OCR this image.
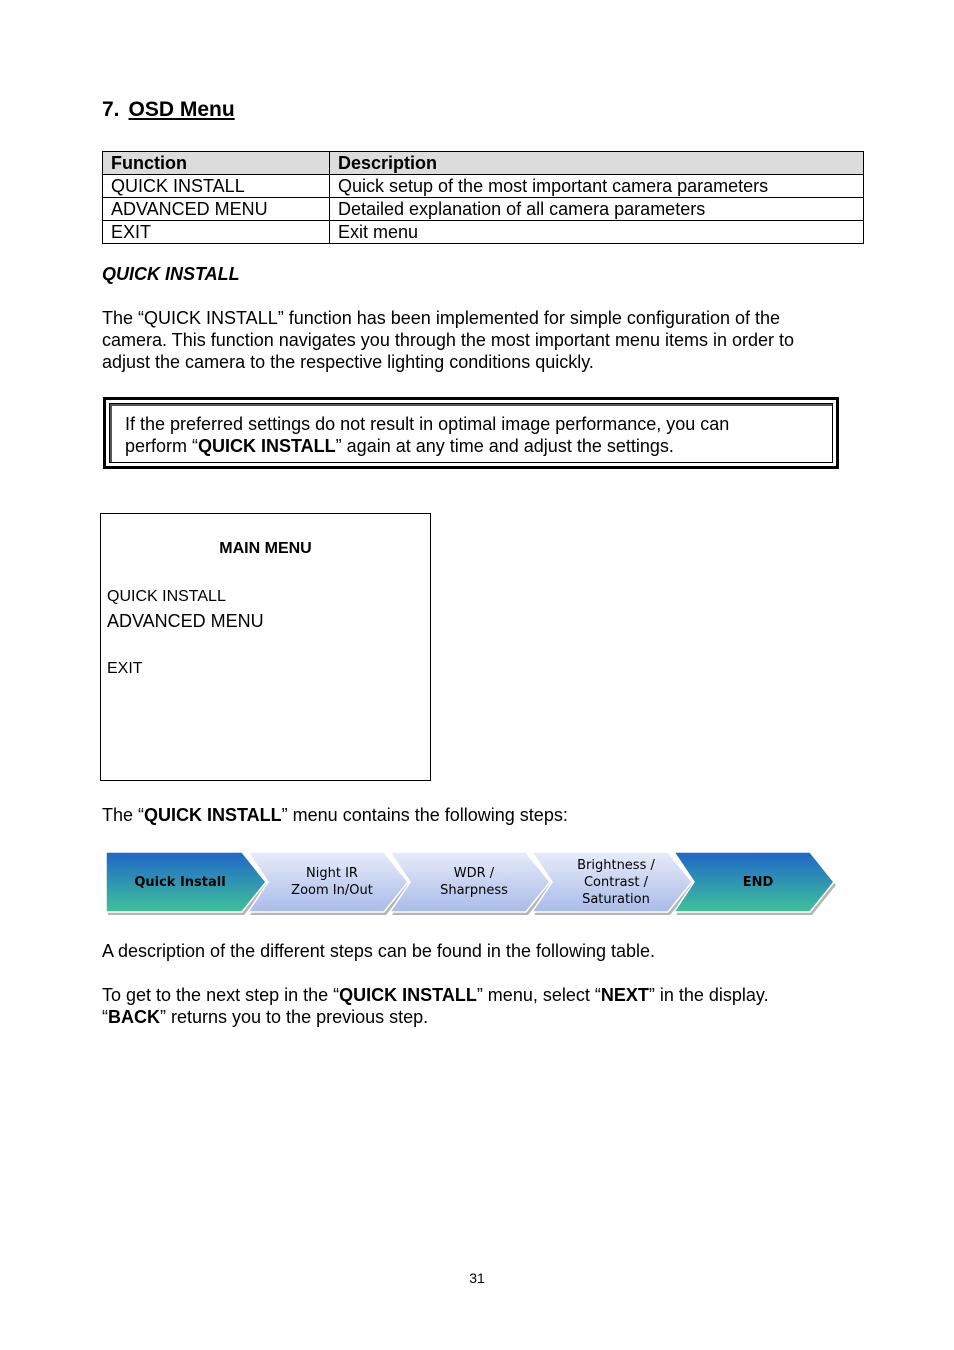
7. OSD Menu
Function	Description
QUICK INSTALL	Quick setup of the most important camera parameters
ADVANCED MENU	Detailed explanation of all camera parameters
EXIT	Exit menu
QUICK INSTALL
The “QUICK INSTALL” function has been implemented for simple configuration of the
camera. This function navigates you through the most important menu items in order to
adjust the camera to the respective lighting conditions quickly.
If the preferred settings do not result in optimal image performance, you can
perform “QUICK INSTALL” again at any time and adjust the settings.
MAIN MENU
QUICK INSTALL
ADVANCED MENU
EXIT
The “QUICK INSTALL” menu contains the following steps:
Quick Install
Night IR
Zoom In/Out
WDR /
Sharpness
Brightness /
Contrast /
Saturation
END
A description of the different steps can be found in the following table.
To get to the next step in the “QUICK INSTALL” menu, select “NEXT” in the display.
“BACK” returns you to the previous step.
31
